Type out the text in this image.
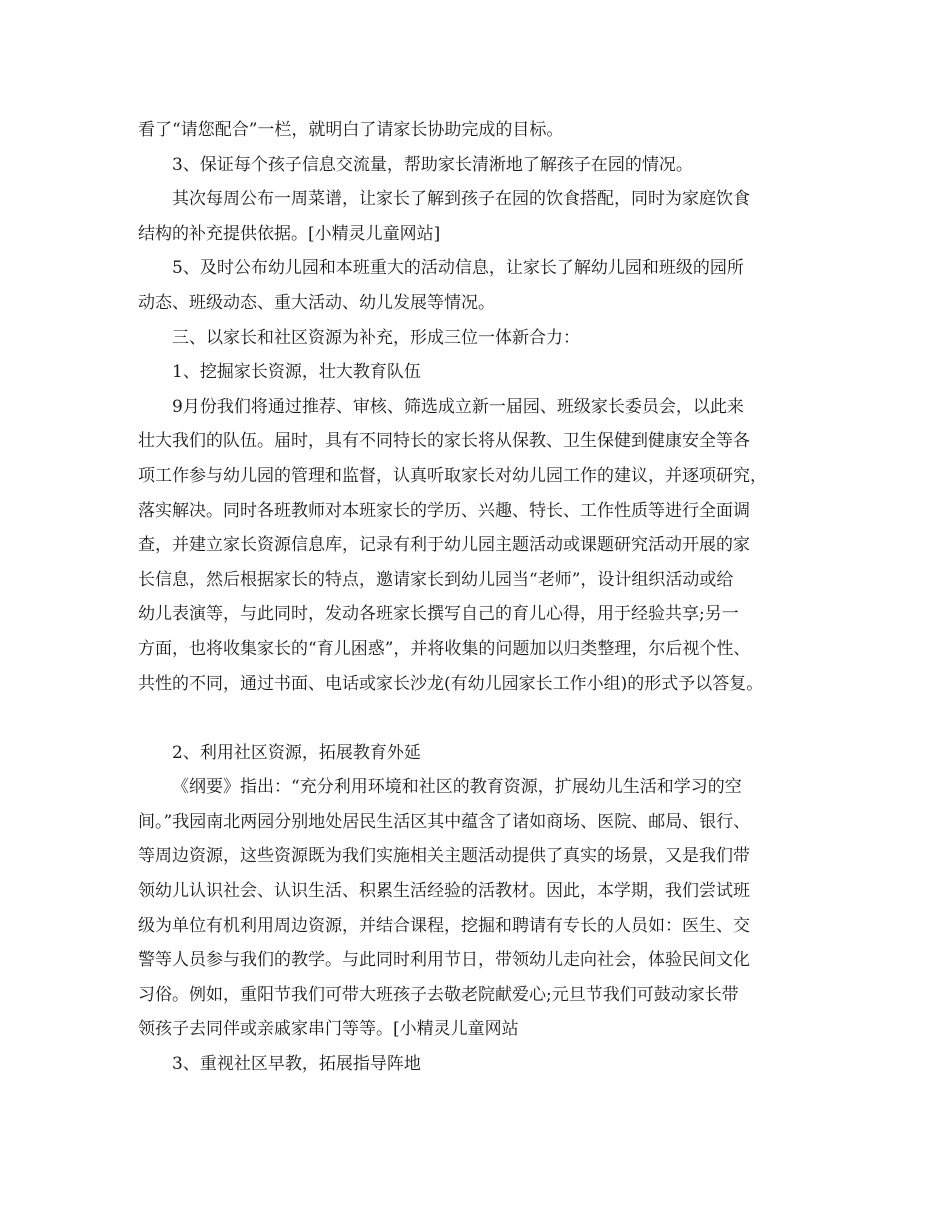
看了“请您配合”一栏，就明白了请家长协助完成的目标。
3、保证每个孩子信息交流量，帮助家长清淅地了解孩子在园的情况。
其次每周公布一周菜谱，让家长了解到孩子在园的饮食搭配，同时为家庭饮食
结构的补充提供依据。[小精灵儿童网站]
5、及时公布幼儿园和本班重大的活动信息，让家长了解幼儿园和班级的园所
动态、班级动态、重大活动、幼儿发展等情况。
三、以家长和社区资源为补充，形成三位一体新合力：
1、挖掘家长资源，壮大教育队伍
9月份我们将通过推荐、审核、筛选成立新一届园、班级家长委员会，以此来
壮大我们的队伍。届时，具有不同特长的家长将从保教、卫生保健到健康安全等各
项工作参与幼儿园的管理和监督，认真听取家长对幼儿园工作的建议，并逐项研究，
落实解决。同时各班教师对本班家长的学历、兴趣、特长、工作性质等进行全面调
查，并建立家长资源信息库，记录有利于幼儿园主题活动或课题研究活动开展的家
长信息，然后根据家长的特点，邀请家长到幼儿园当“老师”，设计组织活动或给
幼儿表演等，与此同时，发动各班家长撰写自己的育儿心得，用于经验共享;另一
方面，也将收集家长的“育儿困惑”，并将收集的问题加以归类整理，尔后视个性、
共性的不同，通过书面、电话或家长沙龙(有幼儿园家长工作小组)的形式予以答复。
2、利用社区资源，拓展教育外延
《纲要》指出：“充分利用环境和社区的教育资源，扩展幼儿生活和学习的空
间。”我园南北两园分别地处居民生活区其中蕴含了诸如商场、医院、邮局、银行、
等周边资源，这些资源既为我们实施相关主题活动提供了真实的场景，又是我们带
领幼儿认识社会、认识生活、积累生活经验的活教材。因此，本学期，我们尝试班
级为单位有机利用周边资源，并结合课程，挖掘和聘请有专长的人员如：医生、交
警等人员参与我们的教学。与此同时利用节日，带领幼儿走向社会，体验民间文化
习俗。例如，重阳节我们可带大班孩子去敬老院献爱心;元旦节我们可鼓动家长带
领孩子去同伴或亲戚家串门等等。[小精灵儿童网站
3、重视社区早教，拓展指导阵地
